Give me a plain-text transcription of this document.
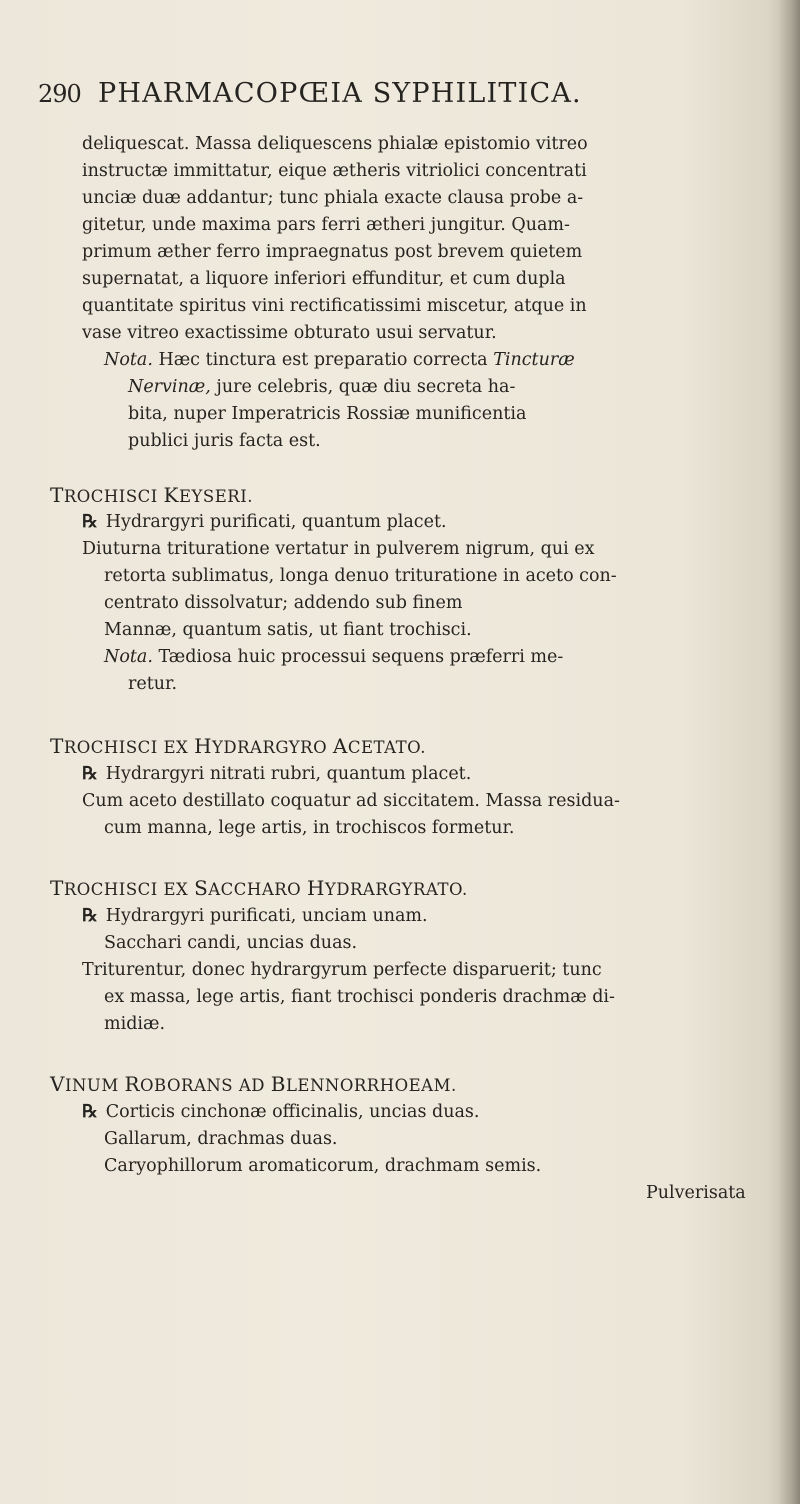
290 PHARMACOPŒIA SYPHILITICA.
deliquescat. Massa deliquescens phialæ epistomio vitreo
instructæ immittatur, eique ætheris vitriolici concentrati
unciæ duæ addantur; tunc phiala exacte clausa probe a-
gitetur, unde maxima pars ferri ætheri jungitur. Quam-
primum æther ferro impraegnatus post brevem quietem
supernatat, a liquore inferiori effunditur, et cum dupla
quantitate spiritus vini rectificatissimi miscetur, atque in
vase vitreo exactissime obturato usui servatur.
Nota. Hæc tinctura est preparatio correcta Tincturæ
Nervinæ, jure celebris, quæ diu secreta ha-
bita, nuper Imperatricis Rossiæ munificentia
publici juris facta est.
TROCHISCI KEYSERI.
℞ Hydrargyri purificati, quantum placet.
Diuturna trituratione vertatur in pulverem nigrum, qui ex
retorta sublimatus, longa denuo trituratione in aceto con-
centrato dissolvatur; addendo sub finem
Mannæ, quantum satis, ut fiant trochisci.
Nota. Tædiosa huic processui sequens præferri me-
retur.
TROCHISCI EX HYDRARGYRO ACETATO.
℞ Hydrargyri nitrati rubri, quantum placet.
Cum aceto destillato coquatur ad siccitatem. Massa residua-
cum manna, lege artis, in trochiscos formetur.
TROCHISCI EX SACCHARO HYDRARGYRATO.
℞ Hydrargyri purificati, unciam unam.
Sacchari candi, uncias duas.
Triturentur, donec hydrargyrum perfecte disparuerit; tunc
ex massa, lege artis, fiant trochisci ponderis drachmæ di-
midiæ.
VINUM ROBORANS AD BLENNORRHOEAM.
℞ Corticis cinchonæ officinalis, uncias duas.
Gallarum, drachmas duas.
Caryophillorum aromaticorum, drachmam semis.
Pulverisata
